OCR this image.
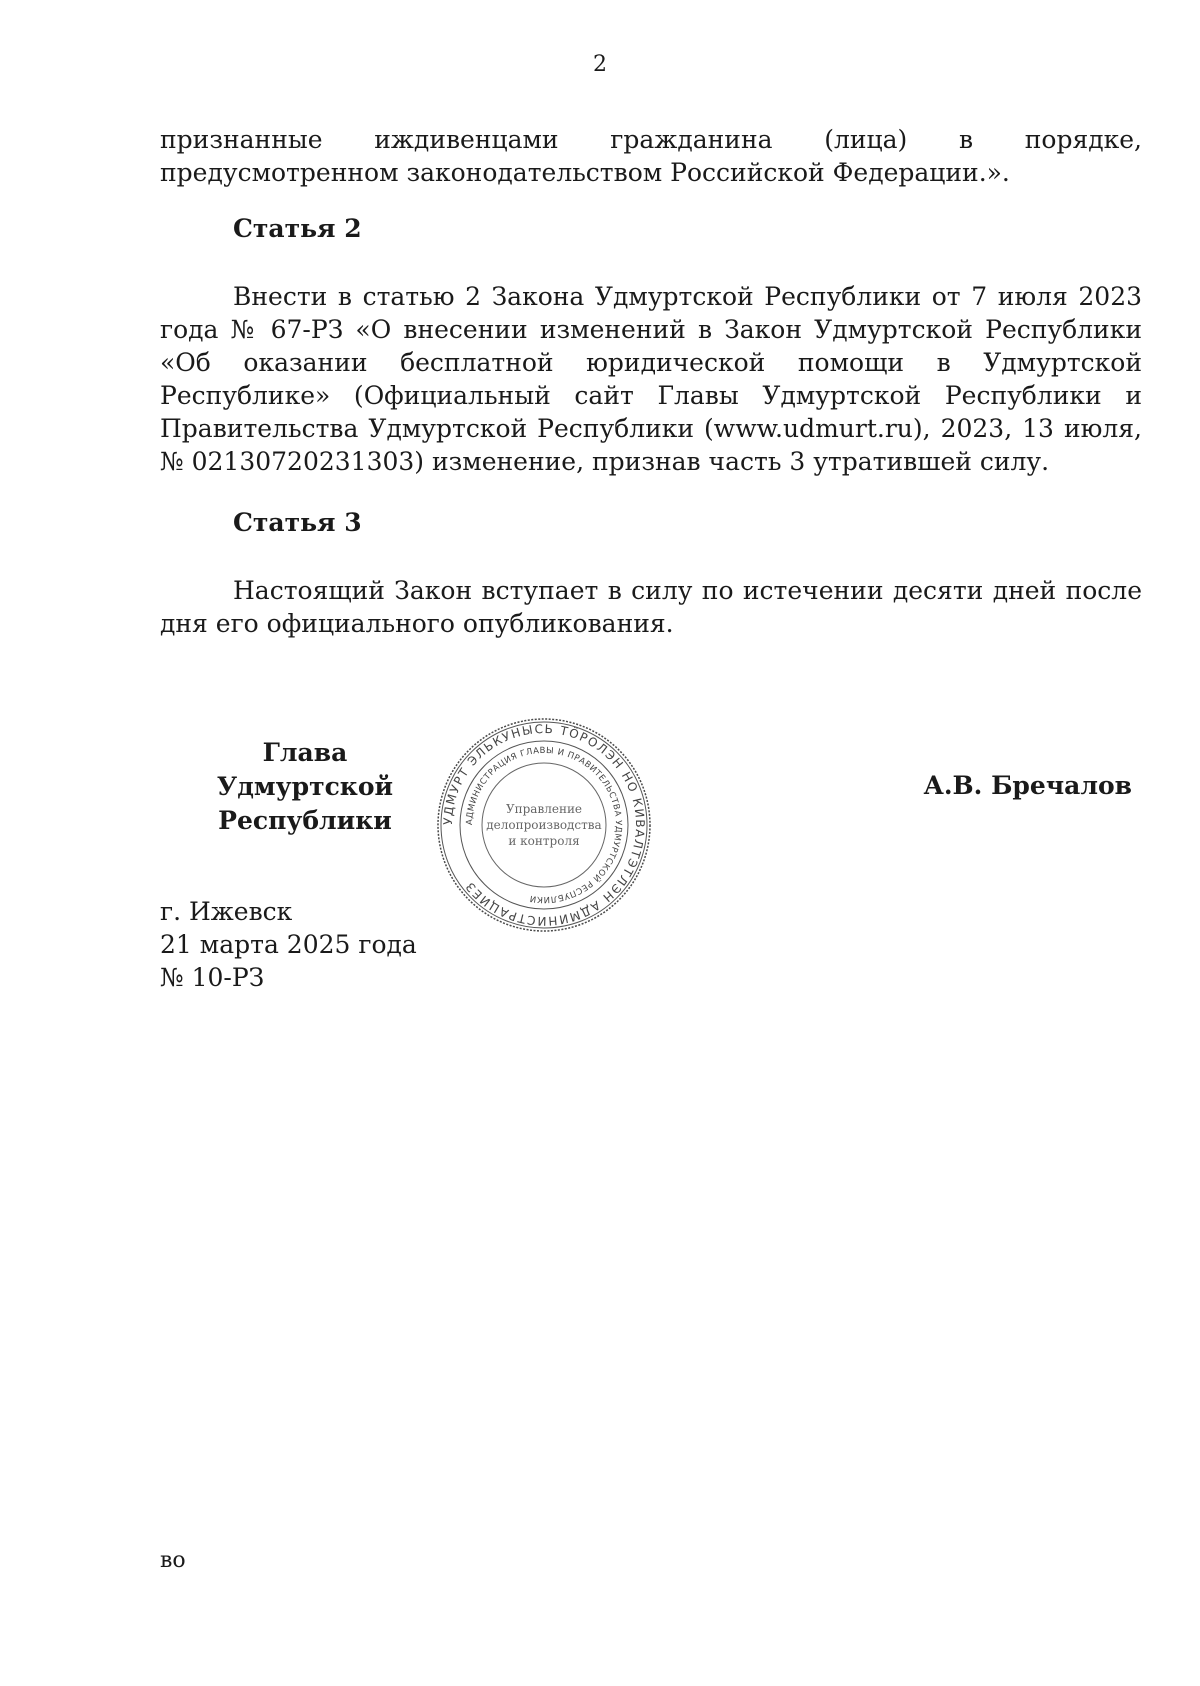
2
признанные иждивенцами гражданина (лица) в порядке, предусмотренном законодательством Российской Федерации.».
Статья 2
Внести в статью 2 Закона Удмуртской Республики от 7 июля 2023 года № 67-РЗ «О внесении изменений в Закон Удмуртской Республики «Об оказании бесплатной юридической помощи в Удмуртской Республике» (Официальный сайт Главы Удмуртской Республики и Правительства Удмуртской Республики (www.udmurt.ru), 2023, 13 июля, № 02130720231303) изменение, признав часть 3 утратившей силу.
Статья 3
Настоящий Закон вступает в силу по истечении десяти дней после дня его официального опубликования.
Глава
Удмуртской Республики
А.В. Бречалов
УДМУРТ ЭЛЬКУНЫСЬ ТӦРОЛЭН НО КИВАЛТЭТЛЭН АДМИНИСТРАЦИЕЗ
АДМИНИСТРАЦИЯ ГЛАВЫ И ПРАВИТЕЛЬСТВА УДМУРТСКОЙ РЕСПУБЛИКИ
Управление
делопроизводства
и контроля
г. Ижевск
21 марта 2025 года
№ 10-РЗ
во
